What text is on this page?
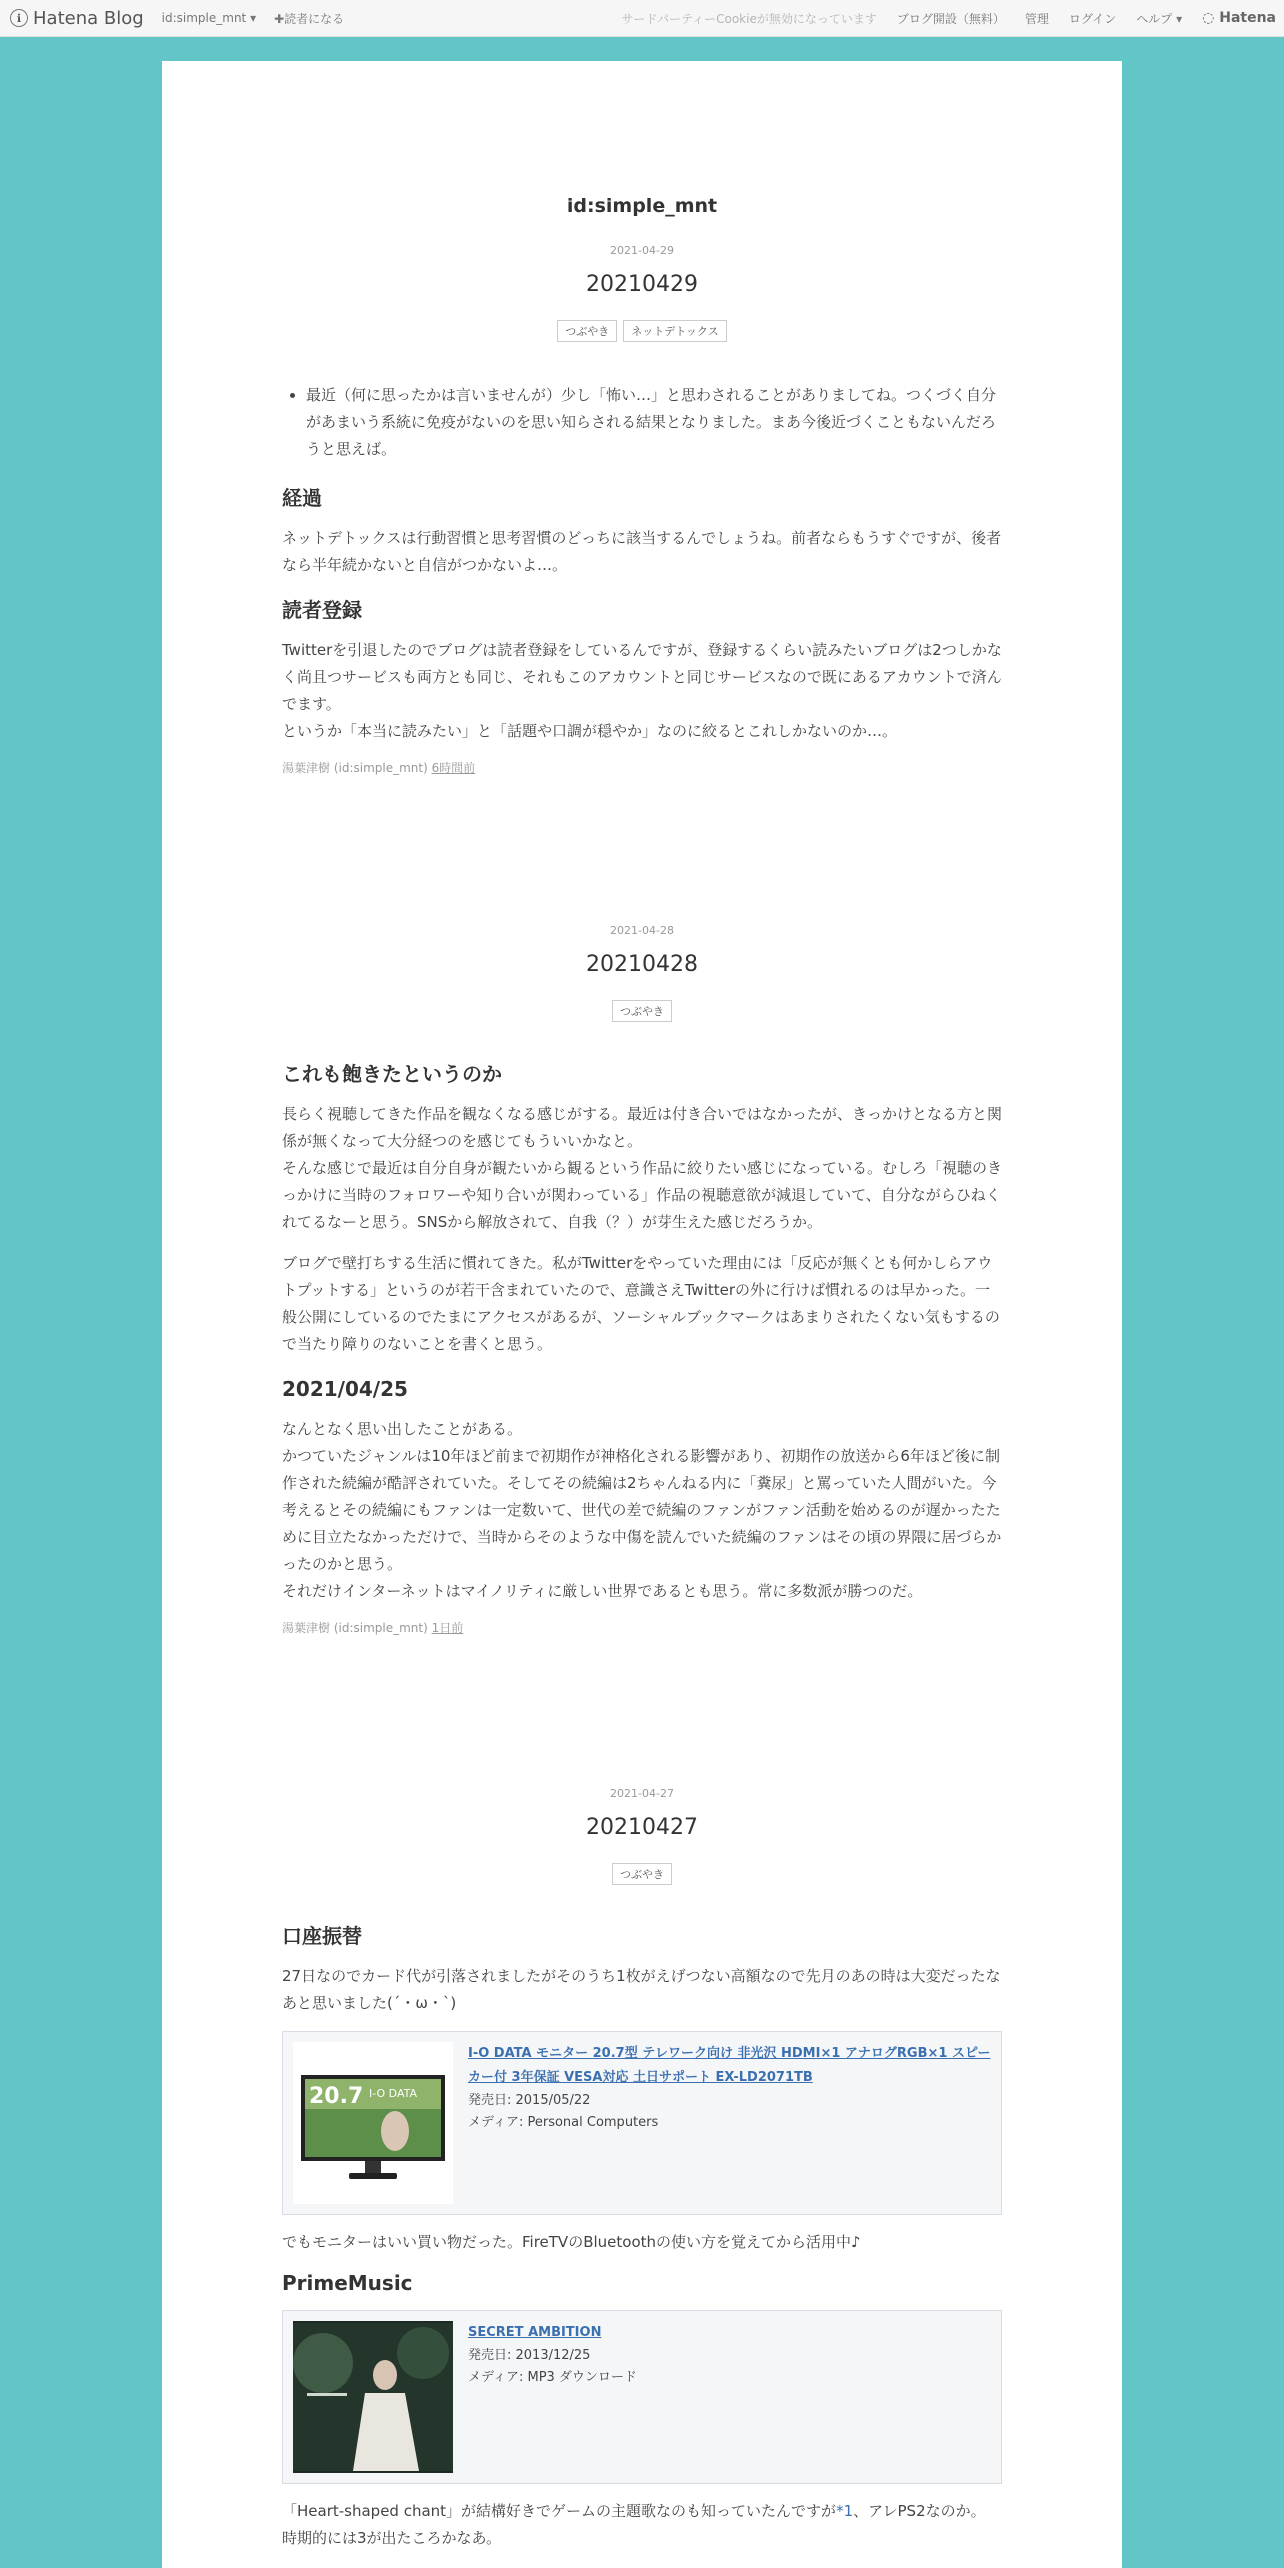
ℹ Hatena Blog id:simple_mnt ▾ ✚読者になる	サードパーティーCookieが無効になっています ブログ開設（無料） 管理 ログイン ヘルプ ▾ ◌ Hatena
id:simple_mnt
2021-04-29
20210429
つぶやき	ネットデトックス
• 最近（何に思ったかは言いませんが）少し「怖い…」と思わされることがありましてね。つくづく自分があまいう系統に免疫がないのを思い知らされる結果となりました。まあ今後近づくこともないんだろうと思えば。
経過

ネットデトックスは行動習慣と思考習慣のどっちに該当するんでしょうね。前者ならもうすぐですが、後者なら半年続かないと自信がつかないよ…。

読者登録

Twitterを引退したのでブログは読者登録をしているんですが、登録するくらい読みたいブログは2つしかなく尚且つサービスも両方とも同じ、それもこのアカウントと同じサービスなので既にあるアカウントで済んでます。

というか「本当に読みたい」と「話題や口調が穏やか」なのに絞るとこれしかないのか…。

湯葉津樹 (id:simple_mnt) 6時間前
2021-04-28
20210428
つぶやき
これも飽きたというのか

長らく視聴してきた作品を観なくなる感じがする。最近は付き合いではなかったが、きっかけとなる方と関係が無くなって大分経つのを感じてもういいかなと。

そんな感じで最近は自分自身が観たいから観るという作品に絞りたい感じになっている。むしろ「視聴のきっかけに当時のフォロワーや知り合いが関わっている」作品の視聴意欲が減退していて、自分ながらひねくれてるなーと思う。SNSから解放されて、自我（？）が芽生えた感じだろうか。

ブログで壁打ちする生活に慣れてきた。私がTwitterをやっていた理由には「反応が無くとも何かしらアウトプットする」というのが若干含まれていたので、意識さえTwitterの外に行けば慣れるのは早かった。一般公開にしているのでたまにアクセスがあるが、ソーシャルブックマークはあまりされたくない気もするので当たり障りのないことを書くと思う。

2021/04/25

なんとなく思い出したことがある。

かつていたジャンルは10年ほど前まで初期作が神格化される影響があり、初期作の放送から6年ほど後に制作された続編が酷評されていた。そしてその続編は2ちゃんねる内に「糞尿」と罵っていた人間がいた。今考えるとその続編にもファンは一定数いて、世代の差で続編のファンがファン活動を始めるのが遅かったために目立たなかっただけで、当時からそのような中傷を読んでいた続編のファンはその頃の界隈に居づらかったのかと思う。

それだけインターネットはマイノリティに厳しい世界であるとも思う。常に多数派が勝つのだ。

湯葉津樹 (id:simple_mnt) 1日前
2021-04-27
20210427
つぶやき
口座振替

27日なのでカード代が引落されましたがそのうち1枚がえげつない高額なので先月のあの時は大変だったなあと思いました(´・ω・`)

20.7 I-O DATA
I-O DATA モニター 20.7型 テレワーク向け 非光沢 HDMI×1 アナログRGB×1 スピーカー付 3年保証 VESA対応 土日サポート EX-LD2071TB
発売日: 2015/05/22
メディア: Personal Computers

でもモニターはいい買い物だった。FireTVのBluetoothの使い方を覚えてから活用中♪

PrimeMusic
SECRET AMBITION
発売日: 2013/12/25
メディア: MP3 ダウンロード

「Heart-shaped chant」が結構好きでゲームの主題歌なのも知っていたんですが*1、アレPS2なのか。

時期的には3が出たころかなあ。
